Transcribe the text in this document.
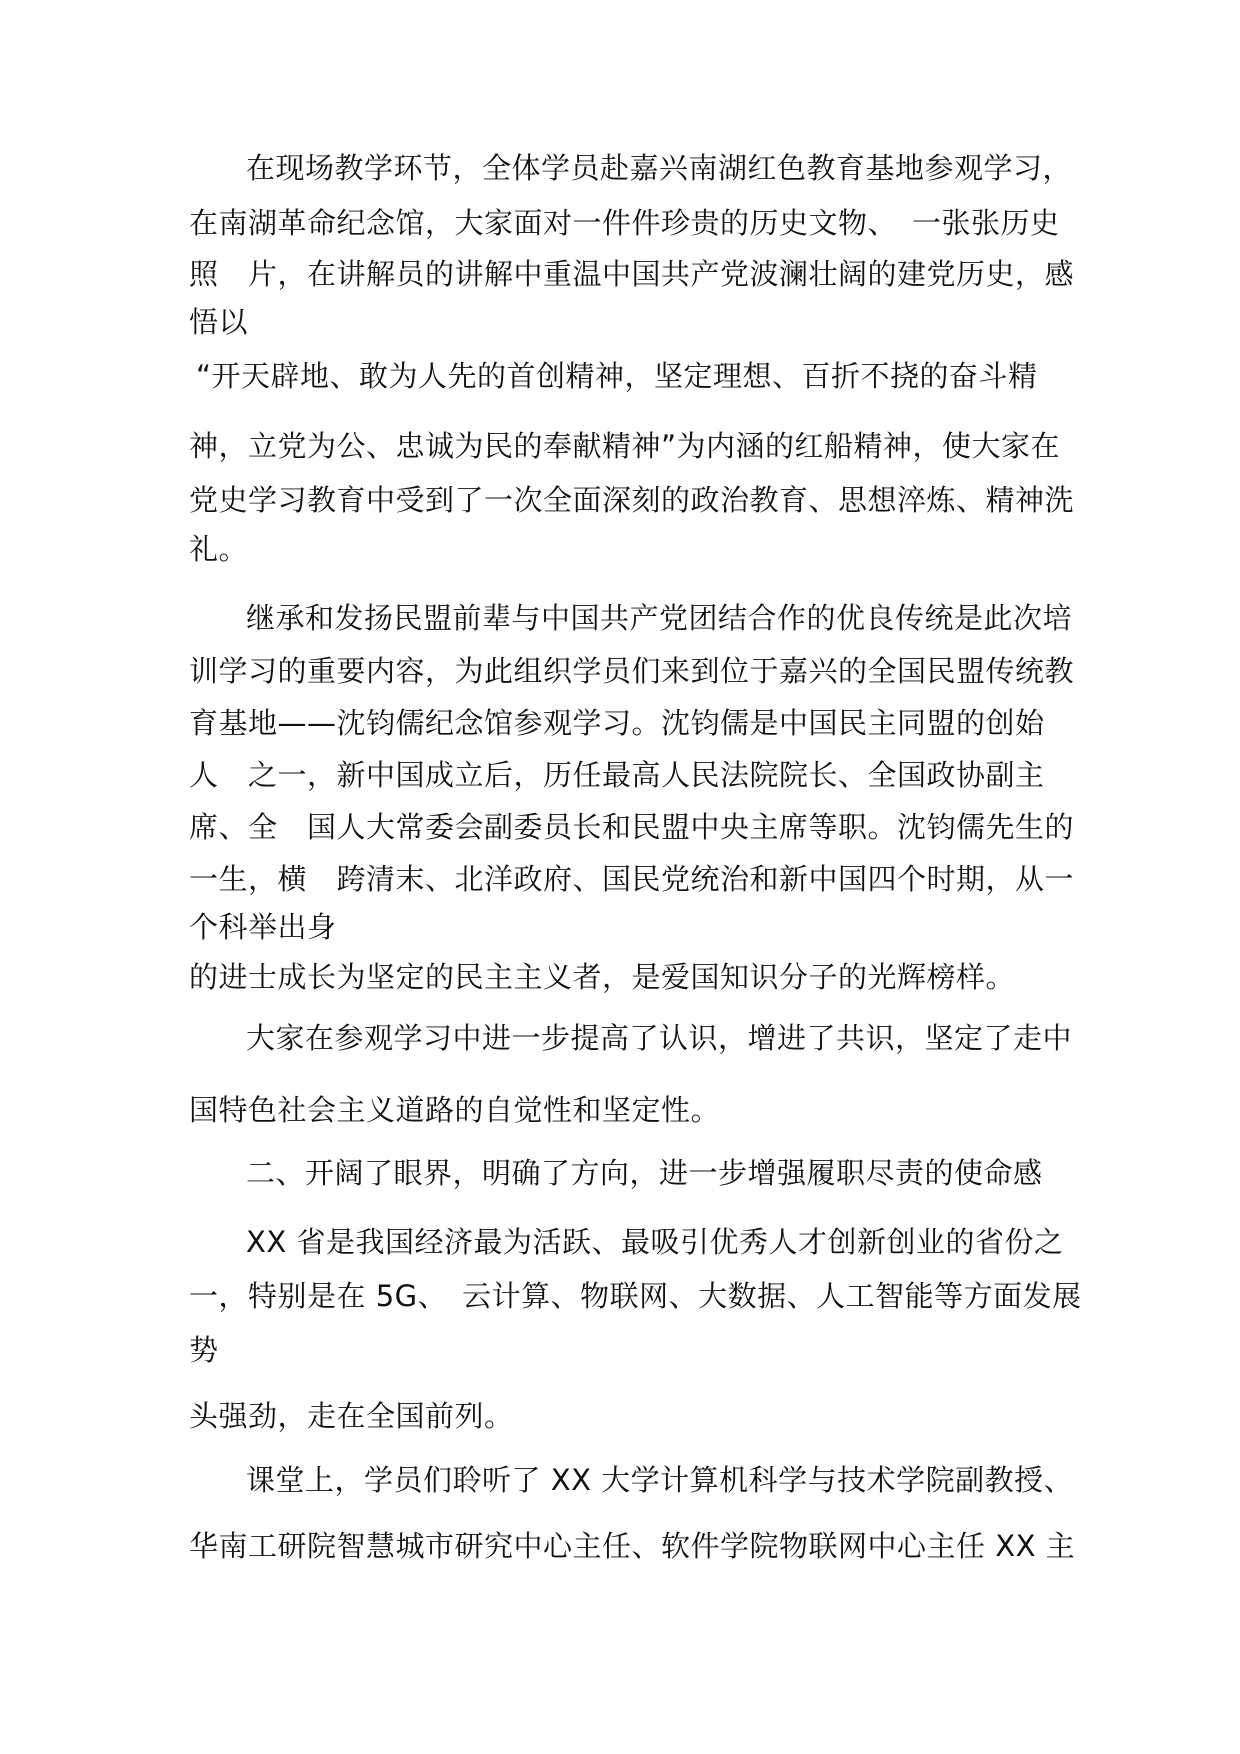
在现场教学环节，全体学员赴嘉兴南湖红色教育基地参观学习，

在南湖革命纪念馆，大家面对一件件珍贵的历史文物、　一张张历史

照　片，在讲解员的讲解中重温中国共产党波澜壮阔的建党历史，感

悟以

“开天辟地、敢为人先的首创精神，坚定理想、百折不挠的奋斗精

神，立党为公、忠诚为民的奉献精神”为内涵的红船精神，使大家在

党史学习教育中受到了一次全面深刻的政治教育、思想淬炼、精神洗

礼。

继承和发扬民盟前辈与中国共产党团结合作的优良传统是此次培

训学习的重要内容，为此组织学员们来到位于嘉兴的全国民盟传统教

育基地——沈钧儒纪念馆参观学习。沈钧儒是中国民主同盟的创始

人　之一，新中国成立后，历任最高人民法院院长、全国政协副主

席、全　国人大常委会副委员长和民盟中央主席等职。沈钧儒先生的

一生，横　跨清末、北洋政府、国民党统治和新中国四个时期，从一

个科举出身

的进士成长为坚定的民主主义者，是爱国知识分子的光辉榜样。

大家在参观学习中进一步提高了认识，增进了共识，坚定了走中

国特色社会主义道路的自觉性和坚定性。

二、开阔了眼界，明确了方向，进一步增强履职尽责的使命感

XX 省是我国经济最为活跃、最吸引优秀人才创新创业的省份之

一，特别是在 5G、　云计算、物联网、大数据、人工智能等方面发展

势

头强劲，走在全国前列。

课堂上，学员们聆听了 XX 大学计算机科学与技术学院副教授、

华南工研院智慧城市研究中心主任、软件学院物联网中心主任 XX 主
